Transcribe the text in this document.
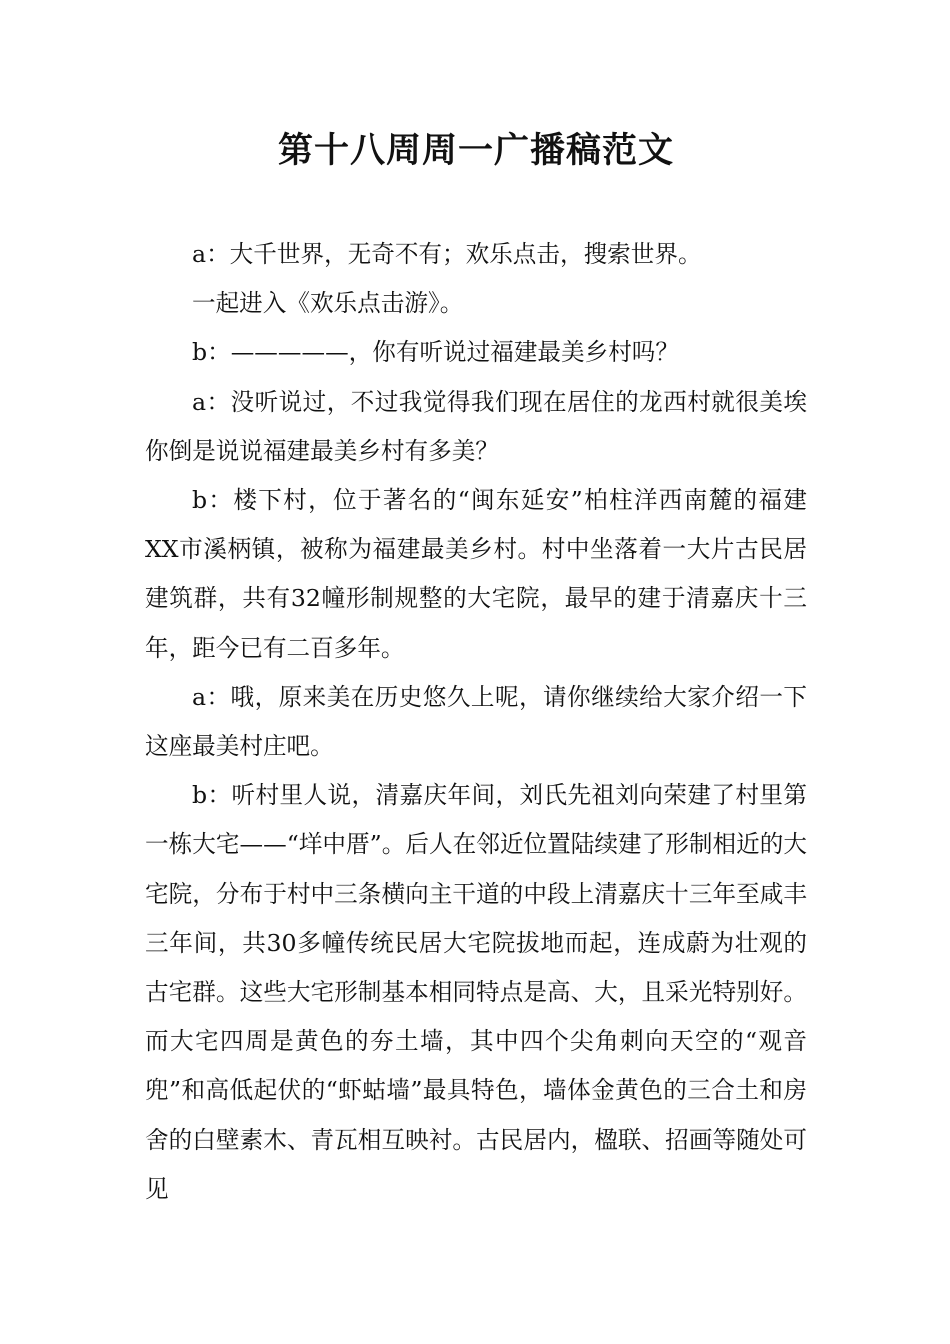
第十八周周一广播稿范文

a：大千世界，无奇不有；欢乐点击，搜索世界。

一起进入《欢乐点击游》。

b：—————，你有听说过福建最美乡村吗？

a：没听说过，不过我觉得我们现在居住的龙西村就很美埃你倒是说说福建最美乡村有多美？

b：楼下村，位于著名的“闽东延安”柏柱洋西南麓的福建XX市溪柄镇，被称为福建最美乡村。村中坐落着一大片古民居建筑群，共有32幢形制规整的大宅院，最早的建于清嘉庆十三年，距今已有二百多年。

a：哦，原来美在历史悠久上呢，请你继续给大家介绍一下这座最美村庄吧。

b：听村里人说，清嘉庆年间，刘氏先祖刘向荣建了村里第一栋大宅——“垟中厝”。后人在邻近位置陆续建了形制相近的大宅院，分布于村中三条横向主干道的中段上清嘉庆十三年至咸丰三年间，共30多幢传统民居大宅院拔地而起，连成蔚为壮观的古宅群。这些大宅形制基本相同特点是高、大，且采光特别好。而大宅四周是黄色的夯土墙，其中四个尖角刺向天空的“观音兜”和高低起伏的“虾蛄墙”最具特色，墙体金黄色的三合土和房舍的白壁素木、青瓦相互映衬。古民居内，楹联、招画等随处可见
